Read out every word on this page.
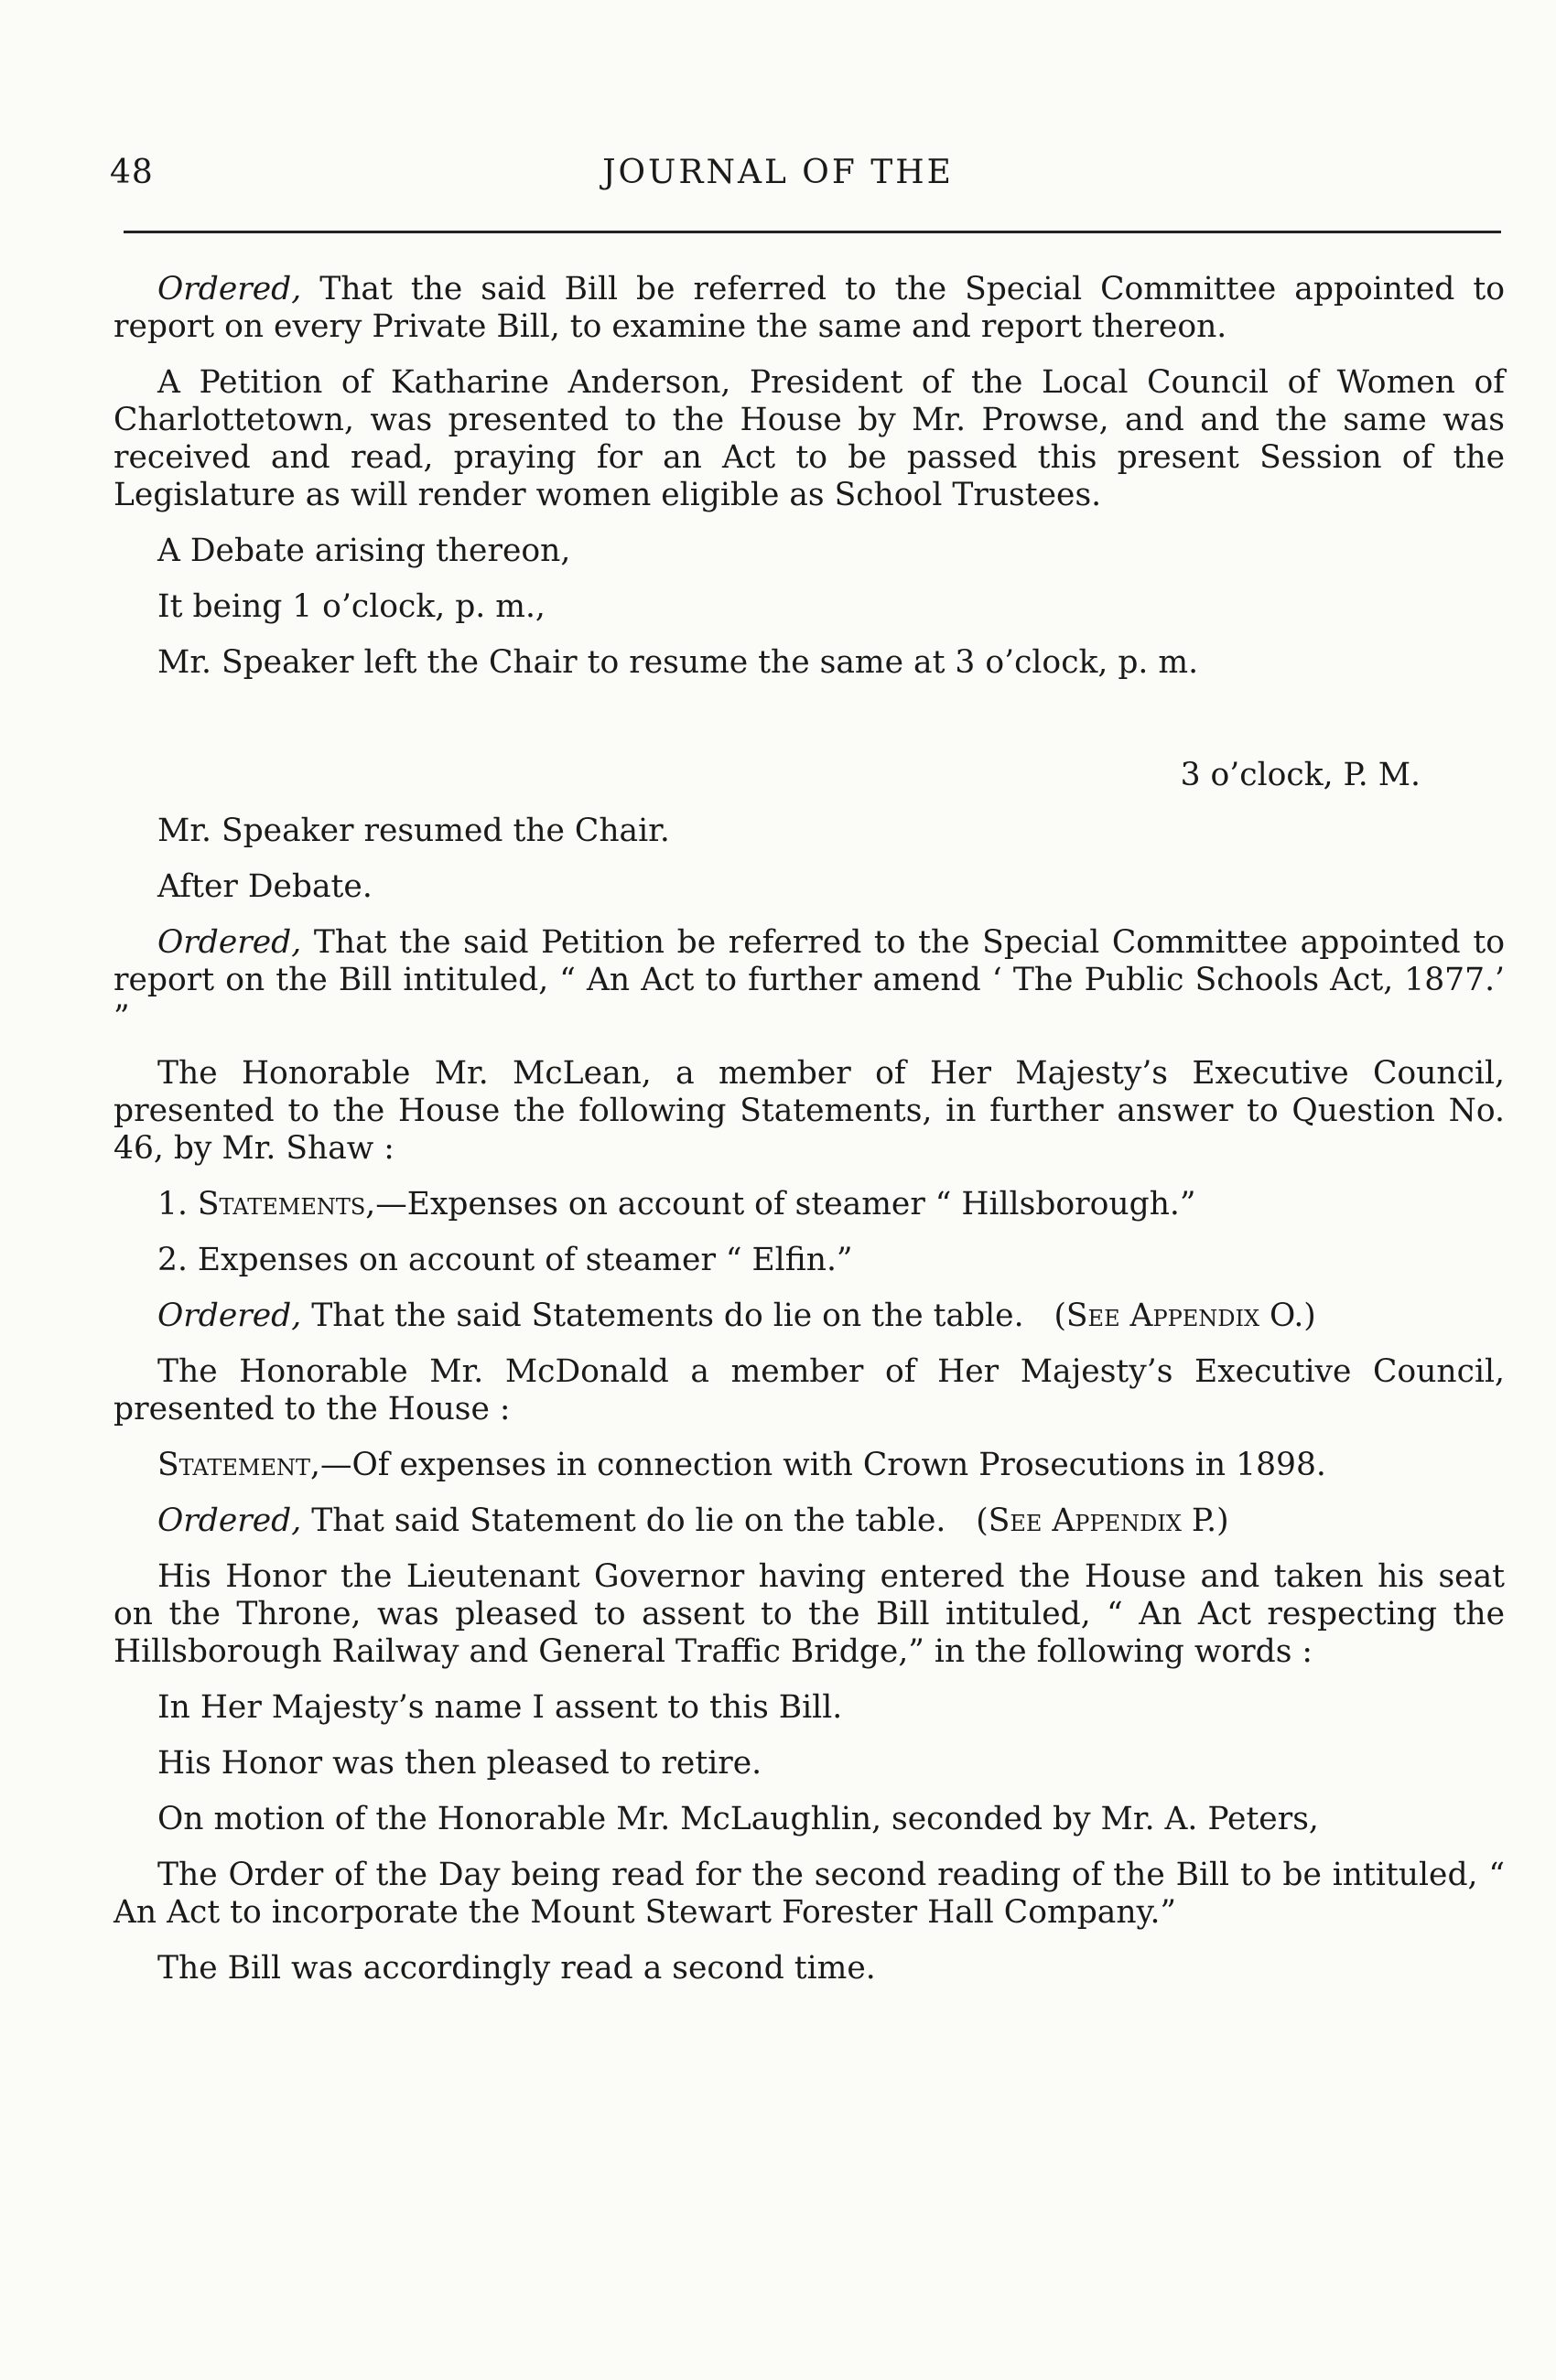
48	JOURNAL OF THE

Ordered, That the said Bill be referred to the Special Committee appointed to report on every Private Bill, to examine the same and report thereon.

A Petition of Katharine Anderson, President of the Local Council of Women of Charlottetown, was presented to the House by Mr. Prowse, and and the same was received and read, praying for an Act to be passed this present Session of the Legislature as will render women eligible as School Trustees.

A Debate arising thereon,

It being 1 o’clock, p. m.,

Mr. Speaker left the Chair to resume the same at 3 o’clock, p. m.

3 o’clock, P. M.

Mr. Speaker resumed the Chair.

After Debate.

Ordered, That the said Petition be referred to the Special Committee appointed to report on the Bill intituled, “ An Act to further amend ‘ The Public Schools Act, 1877.’ ”

The Honorable Mr. McLean, a member of Her Majesty’s Executive Council, presented to the House the following Statements, in further answer to Question No. 46, by Mr. Shaw :

1. Statements,—Expenses on account of steamer “ Hillsborough.”

2. Expenses on account of steamer “ Elfin.”

Ordered, That the said Statements do lie on the table. (See Appendix O.)

The Honorable Mr. McDonald a member of Her Majesty’s Executive Council, presented to the House :

Statement,—Of expenses in connection with Crown Prosecutions in 1898.

Ordered, That said Statement do lie on the table. (See Appendix P.)

His Honor the Lieutenant Governor having entered the House and taken his seat on the Throne, was pleased to assent to the Bill intituled, “ An Act respecting the Hillsborough Railway and General Traffic Bridge,” in the following words :

In Her Majesty’s name I assent to this Bill.

His Honor was then pleased to retire.

On motion of the Honorable Mr. McLaughlin, seconded by Mr. A. Peters,

The Order of the Day being read for the second reading of the Bill to be intituled, “ An Act to incorporate the Mount Stewart Forester Hall Company.”

The Bill was accordingly read a second time.
